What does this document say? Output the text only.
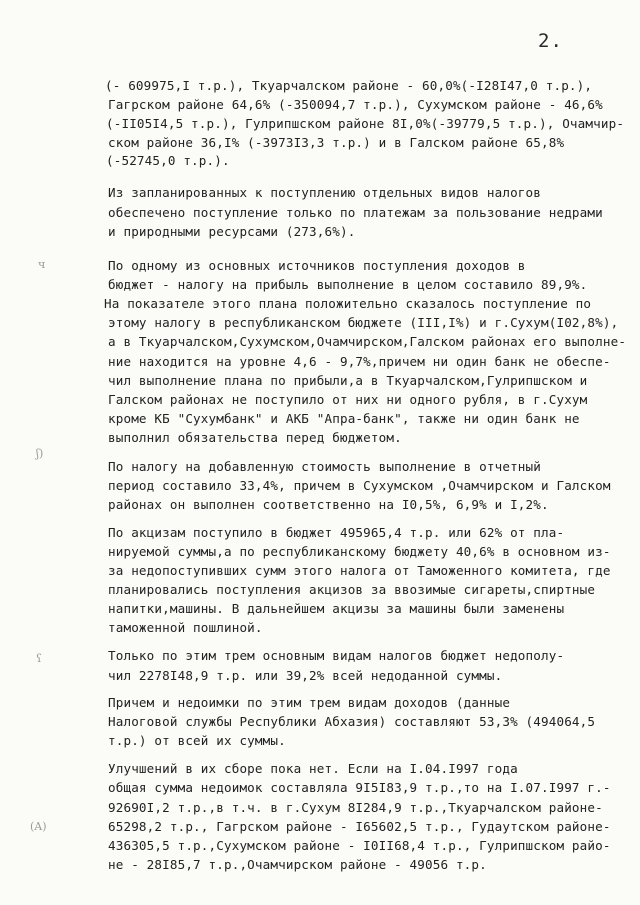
2.
ч
ʃ)
ʕ
(A)
(- 609975,I т.р.), Ткуарчалском районе - 60,0%(-I28I47,0 т.р.),
Гагрском районе 64,6% (-350094,7 т.р.), Сухумском районе - 46,6%
(-II05I4,5 т.р.), Гулрипшском районе 8I,0%(-39779,5 т.р.), Очамчир-
ском районе 36,I% (-3973I3,3 т.р.) и в Галском районе 65,8%
(-52745,0 т.р.).
Из запланированных к поступлению отдельных видов налогов
обеспечено поступление только по платежам за пользование недрами
и природными ресурсами (273,6%).
По одному из основных источников поступления доходов в
бюджет - налогу на прибыль выполнение в целом составило 89,9%.
На показателе этого плана положительно сказалось поступление по
этому налогу в республиканском бюджете (III,I%) и г.Сухум(I02,8%),
а в Ткуарчалском,Сухумском,Очамчирском,Галском районах его выполне-
ние находится на уровне 4,6 - 9,7%,причем ни один банк не обеспе-
чил выполнение плана по прибыли,а в Ткуарчалском,Гулрипшском и
Галском районах не поступило от них ни одного рубля, в г.Сухум
кроме КБ "Сухумбанк" и АКБ "Апра-банк", также ни один банк не
выполнил обязательства перед бюджетом.
По налогу на добавленную стоимость выполнение в отчетный
период составило 33,4%, причем в Сухумском ,Очамчирском и Галском
районах он выполнен соответственно на I0,5%, 6,9% и I,2%.
По акцизам поступило в бюджет 495965,4 т.р. или 62% от пла-
нируемой суммы,а по республиканскому бюджету 40,6% в основном из-
за недопоступивших сумм этого налога от Таможенного комитета, где
планировались поступления акцизов за ввозимые сигареты,спиртные
напитки,машины. В дальнейшем акцизы за машины были заменены
таможенной пошлиной.
Только по этим трем основным видам налогов бюджет недополу-
чил 2278I48,9 т.р. или 39,2% всей недоданной суммы.
Причем и недоимки по этим трем видам доходов (данные
Налоговой службы Республики Абхазия) составляют 53,3% (494064,5
т.р.) от всей их суммы.
Улучшений в их сборе пока нет. Если на I.04.I997 года
общая сумма недоимок составляла 9I5I83,9 т.р.,то на I.07.I997 г.-
92690I,2 т.р.,в т.ч. в г.Сухум 8I284,9 т.р.,Ткуарчалском районе-
65298,2 т.р., Гагрском районе - I65602,5 т.р., Гудаутском районе-
436305,5 т.р.,Сухумском районе - I0II68,4 т.р., Гулрипшском райо-
не - 28I85,7 т.р.,Очамчирском районе - 49056 т.р.
